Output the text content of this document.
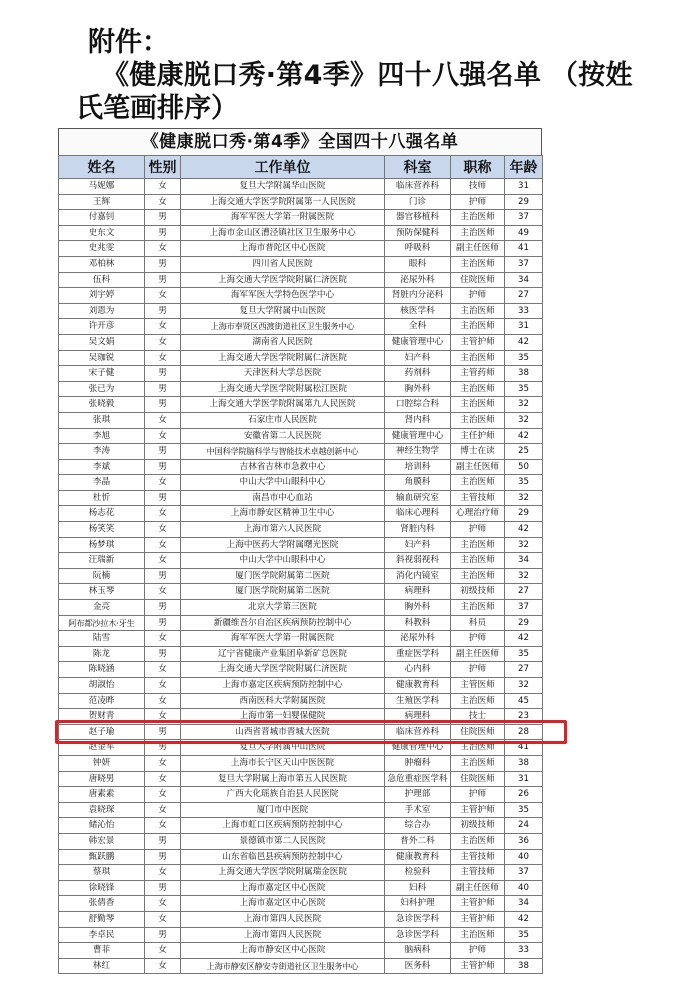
附件：
《健康脱口秀·第4季》四十八强名单 （按姓
氏笔画排序）
《健康脱口秀·第4季》全国四十八强名单
姓名	性别	工作单位	科室	职称	年龄
马妮娜	女	复旦大学附属华山医院	临床营养科	技师	31
王辉	女	上海交通大学医学院附属第一人民医院	门诊	护师	29
付嘉钊	男	海军军医大学第一附属医院	器官移植科	主治医师	37
史东文	男	上海市金山区漕泾镇社区卫生服务中心	预防保健科	主治医师	49
史兆雯	女	上海市普陀区中心医院	呼吸科	副主任医师	41
邓柏林	男	四川省人民医院	眼科	主治医师	37
伍科	男	上海交通大学医学院附属仁济医院	泌尿外科	住院医师	34
刘宇婷	女	海军军医大学特色医学中心	肾脏内分泌科	护师	27
刘恩为	男	复旦大学附属中山医院	核医学科	主治医师	33
许开彦	女	上海市奉贤区西渡街道社区卫生服务中心	全科	主治医师	31
吴文娟	女	湖南省人民医院	健康管理中心	主管护师	42
吴珈锐	女	上海交通大学医学院附属仁济医院	妇产科	主治医师	35
宋子健	男	天津医科大学总医院	药剂科	主管药师	38
张已为	男	上海交通大学医学院附属松江医院	胸外科	主治医师	35
张晓毅	男	上海交通大学医学院附属第九人民医院	口腔综合科	主治医师	32
张琪	女	石家庄市人民医院	肾内科	主治医师	32
李旭	女	安徽省第二人民医院	健康管理中心	主任护师	42
李涛	男	中国科学院脑科学与智能技术卓越创新中心	神经生物学	博士在读	25
李斌	男	吉林省吉林市急救中心	培训科	副主任医师	50
李晶	女	中山大学中山眼科中心	角膜科	主治医师	35
杜忻	男	南昌市中心血站	输血研究室	主管技师	32
杨志花	女	上海市静安区精神卫生中心	临床心理科	心理治疗师	29
杨笑笑	女	上海市第六人民医院	肾脏内科	护师	42
杨梦琪	女	上海中医药大学附属曙光医院	妇产科	主治医师	32
汪瑞新	女	中山大学中山眼科中心	斜视弱视科	主治医师	34
阮楠	男	厦门医学院附属第二医院	消化内镜室	主治医师	32
林玉琴	女	厦门医学院附属第二医院	病理科	初级技师	27
金亮	男	北京大学第三医院	胸外科	主治医师	37
阿布都沙拉木·牙生	男	新疆维吾尔自治区疾病预防控制中心	科教科	科员	29
陆雪	女	海军军医大学第一附属医院	泌尿外科	护师	42
陈龙	男	辽宁省健康产业集团阜新矿总医院	重症医学科	副主任医师	35
陈晓涵	女	上海交通大学医学院附属仁济医院	心内科	护师	27
胡淑怡	女	上海市嘉定区疾病预防控制中心	健康教育科	主管医师	32
范凌晔	女	西南医科大学附属医院	生殖医学科	主治医师	45
贺财青	女	上海市第一妇婴保健院	病理科	技士	23
赵子瑜	男	山西省晋城市晋城大医院	临床营养科	住院医师	28
赵金军	男	复旦大学附属中山医院	健康管理中心	主治医师	41
钟妍	女	上海市长宁区天山中医医院	肿瘤科	主治医师	38
唐晓男	女	复旦大学附属上海市第五人民医院	急危重症医学科	住院医师	31
唐素素	女	广西大化瑶族自治县人民医院	护理部	护师	26
袁晓琛	女	厦门市中医院	手术室	主管护师	35
储沁怡	女	上海市虹口区疾病预防控制中心	综合办	初级技师	24
韩宏景	男	景德镇市第二人民医院	普外二科	主治医师	36
甄跃鹏	男	山东省临邑县疾病预防控制中心	健康教育科	主管技师	40
蔡琪	女	上海交通大学医学院附属瑞金医院	检验科	主管技师	37
徐晓锋	男	上海市嘉定区中心医院	妇科	副主任医师	40
张倩香	女	上海市嘉定区中心医院	妇科护理	主管护师	34
舒勤琴	女	上海市第四人民医院	急诊医学科	主管护师	42
李卓民	男	上海市第四人民医院	急诊医学科	主治医师	35
曹菲	女	上海市静安区中心医院	脑病科	护师	33
林红	女	上海市静安区静安寺街道社区卫生服务中心	医务科	主管护师	38
